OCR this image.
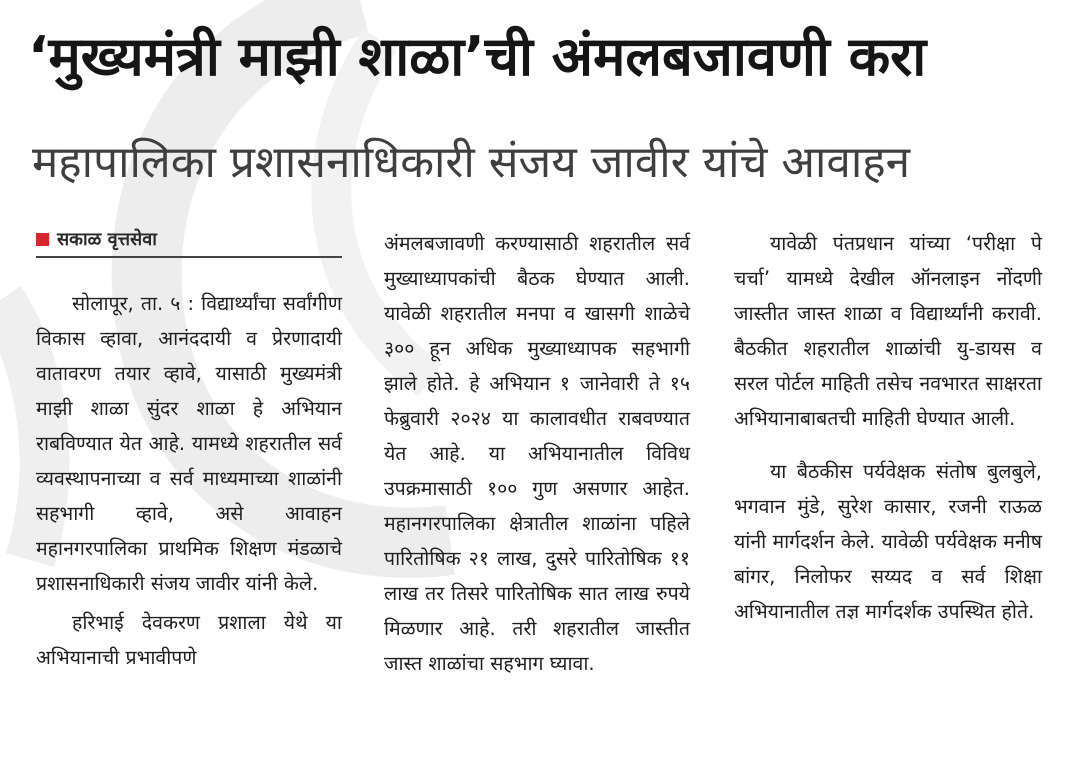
‘मुख्यमंत्री माझी शाळा’ची अंमलबजावणी करा
महापालिका प्रशासनाधिकारी संजय जावीर यांचे आवाहन
सकाळ वृत्तसेवा

सोलापूर, ता. ५ : विद्यार्थ्यांचा सर्वांगीण विकास व्हावा, आनंददायी व प्रेरणादायी वातावरण तयार व्हावे, यासाठी मुख्यमंत्री माझी शाळा सुंदर शाळा हे अभियान राबविण्यात येत आहे. यामध्ये शहरातील सर्व व्यवस्थापनाच्या व सर्व माध्यमाच्या शाळांनी सहभागी व्हावे, असे आवाहन महानगरपालिका प्राथमिक शिक्षण मंडळाचे प्रशासनाधिकारी संजय जावीर यांनी केले.

हरिभाई देवकरण प्रशाला येथे या अभियानाची प्रभावीपणे

अंमलबजावणी करण्यासाठी शहरातील सर्व मुख्याध्यापकांची बैठक घेण्यात आली. यावेळी शहरातील मनपा व खासगी शाळेचे ३०० हून अधिक मुख्याध्यापक सहभागी झाले होते. हे अभियान १ जानेवारी ते १५ फेब्रुवारी २०२४ या कालावधीत राबवण्यात येत आहे. या अभियानातील विविध उपक्रमासाठी १०० गुण असणार आहेत. महानगरपालिका क्षेत्रातील शाळांना पहिले पारितोषिक २१ लाख, दुसरे पारितोषिक ११ लाख तर तिसरे पारितोषिक सात लाख रुपये मिळणार आहे. तरी शहरातील जास्तीत जास्त शाळांचा सहभाग घ्यावा.

यावेळी पंतप्रधान यांच्या ‘परीक्षा पे चर्चा’ यामध्ये देखील ऑनलाइन नोंदणी जास्तीत जास्त शाळा व विद्यार्थ्यांनी करावी. बैठकीत शहरातील शाळांची यु-डायस व सरल पोर्टल माहिती तसेच नवभारत साक्षरता अभियानाबाबतची माहिती घेण्यात आली.

या बैठकीस पर्यवेक्षक संतोष बुलबुले, भगवान मुंडे, सुरेश कासार, रजनी राऊळ यांनी मार्गदर्शन केले. यावेळी पर्यवेक्षक मनीष बांगर, निलोफर सय्यद व सर्व शिक्षा अभियानातील तज्ञ मार्गदर्शक उपस्थित होते.
